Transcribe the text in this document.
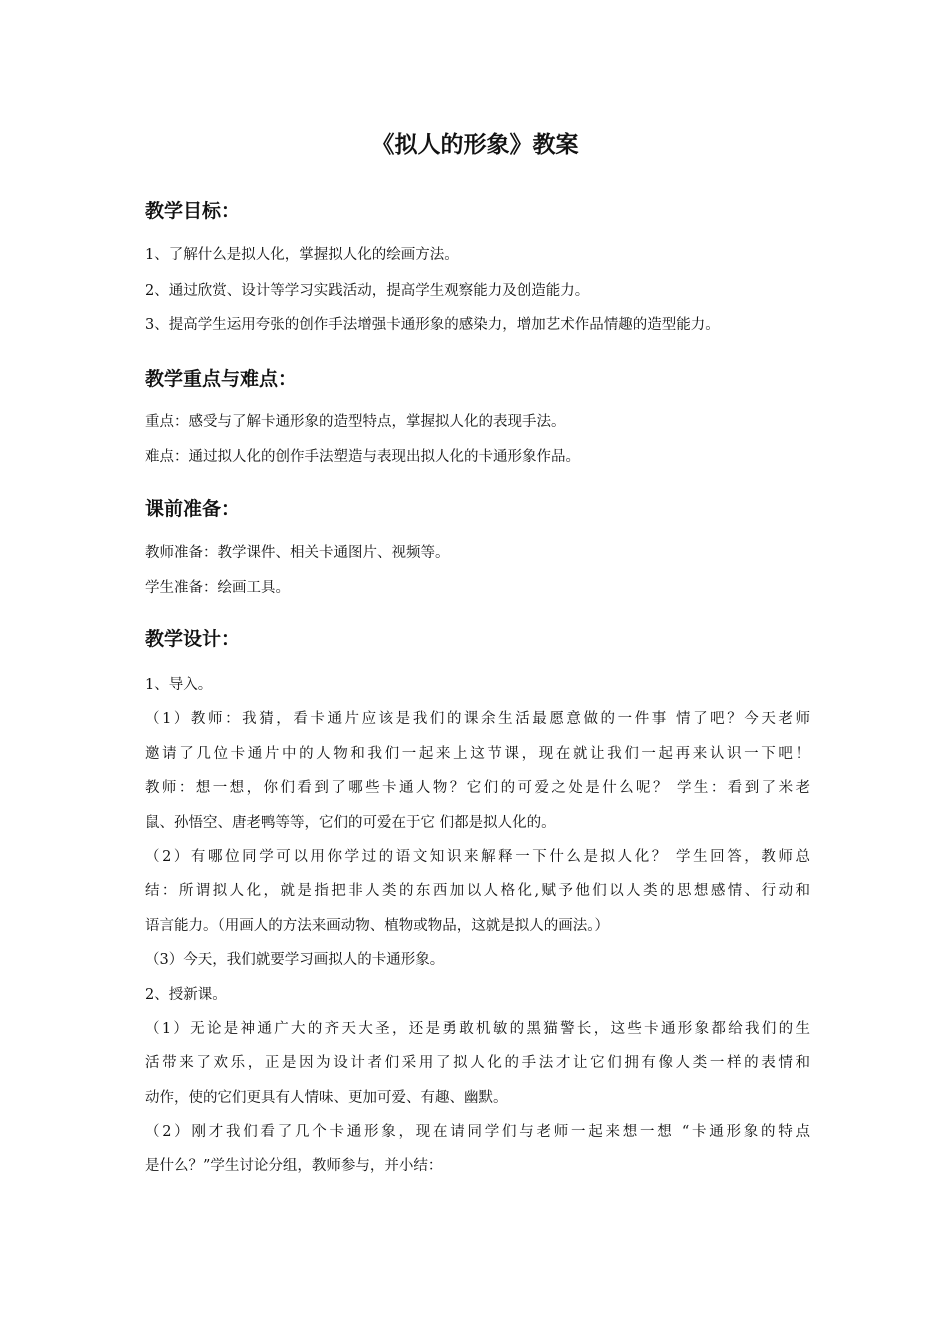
《拟人的形象》教案
教学目标：
1、了解什么是拟人化，掌握拟人化的绘画方法。
2、通过欣赏、设计等学习实践活动，提高学生观察能力及创造能力。
3、提高学生运用夸张的创作手法增强卡通形象的感染力，增加艺术作品情趣的造型能力。
教学重点与难点：
重点：感受与了解卡通形象的造型特点，掌握拟人化的表现手法。
难点：通过拟人化的创作手法塑造与表现出拟人化的卡通形象作品。
课前准备：
教师准备：教学课件、相关卡通图片、视频等。
学生准备：绘画工具。
教学设计：
1、导入。
（1）教师：我猜，看卡通片应该是我们的课余生活最愿意做的一件事 情了吧？今天老师
邀请了几位卡通片中的人物和我们一起来上这节课，现在就让我们一起再来认识一下吧！
教师：想一想，你们看到了哪些卡通人物？它们的可爱之处是什么呢？ 学生：看到了米老
鼠、孙悟空、唐老鸭等等，它们的可爱在于它 们都是拟人化的。
（2）有哪位同学可以用你学过的语文知识来解释一下什么是拟人化？ 学生回答，教师总
结：所谓拟人化，就是指把非人类的东西加以人格化,赋予他们以人类的思想感情、行动和
语言能力。（用画人的方法来画动物、植物或物品，这就是拟人的画法。）
（3）今天，我们就要学习画拟人的卡通形象。
2、授新课。
（1）无论是神通广大的齐天大圣，还是勇敢机敏的黑猫警长，这些卡通形象都给我们的生
活带来了欢乐，正是因为设计者们采用了拟人化的手法才让它们拥有像人类一样的表情和
动作，使的它们更具有人情味、更加可爱、有趣、幽默。
（2）刚才我们看了几个卡通形象，现在请同学们与老师一起来想一想 “卡通形象的特点
是什么？”学生讨论分组，教师参与，并小结：
